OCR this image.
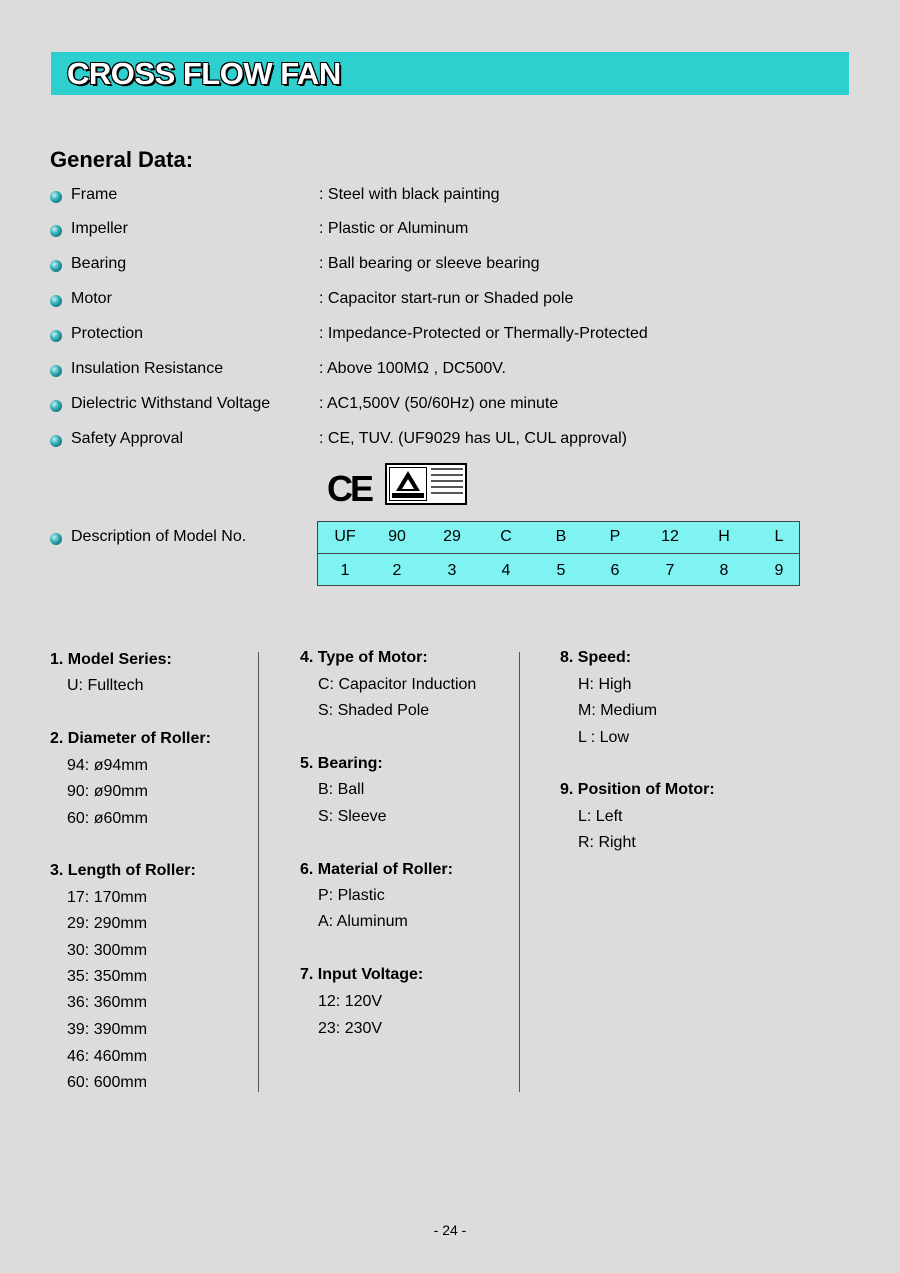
CROSS FLOW FAN
General Data:
Frame	: Steel with black painting
Impeller	: Plastic or Aluminum
Bearing	: Ball bearing or sleeve bearing
Motor	: Capacitor start-run or Shaded pole
Protection	: Impedance-Protected or Thermally-Protected
Insulation Resistance	: Above 100MΩ , DC500V.
Dielectric Withstand Voltage	: AC1,500V (50/60Hz) one minute
Safety Approval	: CE, TUV. (UF9029 has UL, CUL approval)
CE
Description of Model No.	UF	90	29	C	B	P	12	H	L
1	2	3	4	5	6	7	8	9
1. Model Series:
U: Fulltech
2. Diameter of Roller:
94: ø94mm
90: ø90mm
60: ø60mm
3. Length of Roller:
17: 170mm
29: 290mm
30: 300mm
35: 350mm
36: 360mm
39: 390mm
46: 460mm
60: 600mm
4. Type of Motor:
C: Capacitor Induction
S: Shaded Pole
5. Bearing:
B: Ball
S: Sleeve
6. Material of Roller:
P: Plastic
A: Aluminum
7. Input Voltage:
12: 120V
23: 230V
8. Speed:
H: High
M: Medium
L : Low
9. Position of Motor:
L: Left
R: Right
- 24 -
